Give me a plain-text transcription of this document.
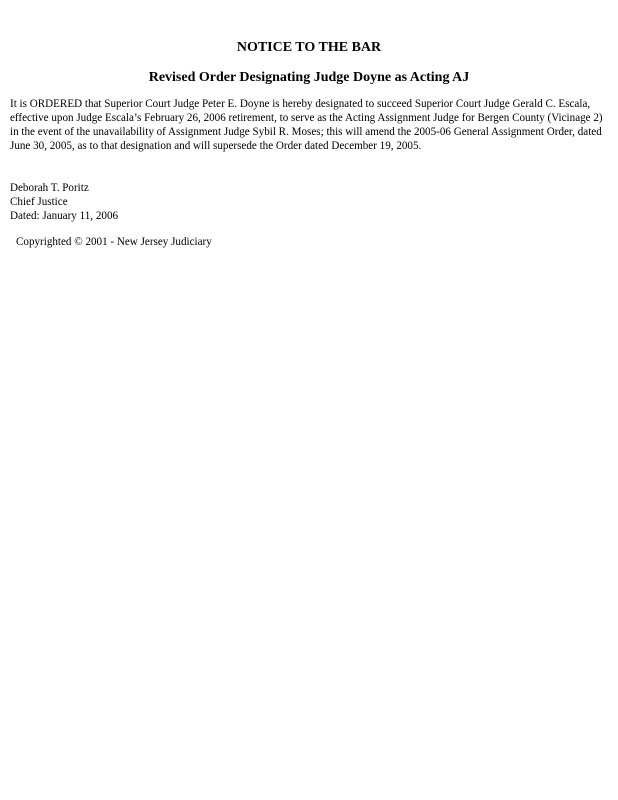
NOTICE TO THE BAR
Revised Order Designating Judge Doyne as Acting AJ

It is ORDERED that Superior Court Judge Peter E. Doyne is hereby designated to succeed Superior Court Judge Gerald C. Escala, effective upon Judge Escala’s February 26, 2006 retirement, to serve as the Acting Assignment Judge for Bergen County (Vicinage 2) in the event of the unavailability of Assignment Judge Sybil R. Moses; this will amend the 2005-06 General Assignment Order, dated June 30, 2005, as to that designation and will supersede the Order dated December 19, 2005.

Deborah T. Poritz
Chief Justice
Dated: January 11, 2006
Copyrighted © 2001 - New Jersey Judiciary
